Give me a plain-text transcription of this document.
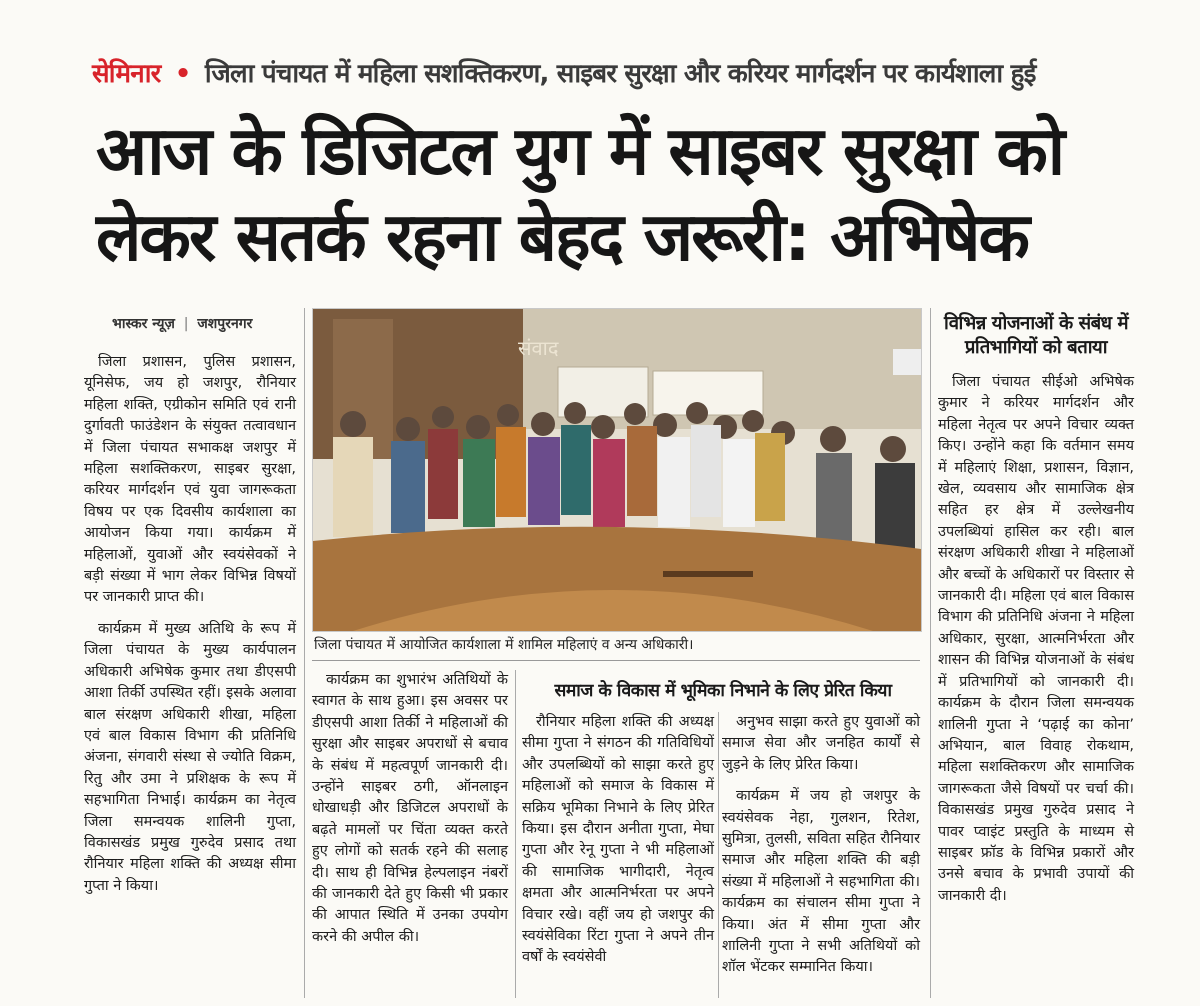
सेमिनार • जिला पंचायत में महिला सशक्तिकरण, साइबर सुरक्षा और करियर मार्गदर्शन पर कार्यशाला हुई
आज के डिजिटल युग में साइबर सुरक्षा को लेकर सतर्क रहना बेहद जरूरी: अभिषेक
भास्कर न्यूज़ | जशपुरनगर

जिला प्रशासन, पुलिस प्रशासन, यूनिसेफ, जय हो जशपुर, रौनियार महिला शक्ति, एग्रीकोन समिति एवं रानी दुर्गावती फाउंडेशन के संयुक्त तत्वावधान में जिला पंचायत सभाकक्ष जशपुर में महिला सशक्तिकरण, साइबर सुरक्षा, करियर मार्गदर्शन एवं युवा जागरूकता विषय पर एक दिवसीय कार्यशाला का आयोजन किया गया। कार्यक्रम में महिलाओं, युवाओं और स्वयंसेवकों ने बड़ी संख्या में भाग लेकर विभिन्न विषयों पर जानकारी प्राप्त की।

कार्यक्रम में मुख्य अतिथि के रूप में जिला पंचायत के मुख्य कार्यपालन अधिकारी अभिषेक कुमार तथा डीएसपी आशा तिर्की उपस्थित रहीं। इसके अलावा बाल संरक्षण अधिकारी शीखा, महिला एवं बाल विकास विभाग की प्रतिनिधि अंजना, संगवारी संस्था से ज्योति विक्रम, रितु और उमा ने प्रशिक्षक के रूप में सहभागिता निभाई। कार्यक्रम का नेतृत्व जिला समन्वयक शालिनी गुप्ता, विकासखंड प्रमुख गुरुदेव प्रसाद तथा रौनियार महिला शक्ति की अध्यक्ष सीमा गुप्ता ने किया।

संवाद
जिला पंचायत में आयोजित कार्यशाला में शामिल महिलाएं व अन्य अधिकारी।

कार्यक्रम का शुभारंभ अतिथियों के स्वागत के साथ हुआ। इस अवसर पर डीएसपी आशा तिर्की ने महिलाओं की सुरक्षा और साइबर अपराधों से बचाव के संबंध में महत्वपूर्ण जानकारी दी। उन्होंने साइबर ठगी, ऑनलाइन धोखाधड़ी और डिजिटल अपराधों के बढ़ते मामलों पर चिंता व्यक्त करते हुए लोगों को सतर्क रहने की सलाह दी। साथ ही विभिन्न हेल्पलाइन नंबरों की जानकारी देते हुए किसी भी प्रकार की आपात स्थिति में उनका उपयोग करने की अपील की।

समाज के विकास में भूमिका निभाने के लिए प्रेरित किया

रौनियार महिला शक्ति की अध्यक्ष सीमा गुप्ता ने संगठन की गतिविधियों और उपलब्धियों को साझा करते हुए महिलाओं को समाज के विकास में सक्रिय भूमिका निभाने के लिए प्रेरित किया। इस दौरान अनीता गुप्ता, मेघा गुप्ता और रेनू गुप्ता ने भी महिलाओं की सामाजिक भागीदारी, नेतृत्व क्षमता और आत्मनिर्भरता पर अपने विचार रखे। वहीं जय हो जशपुर की स्वयंसेविका रिंटा गुप्ता ने अपने तीन वर्षों के स्वयंसेवी

अनुभव साझा करते हुए युवाओं को समाज सेवा और जनहित कार्यों से जुड़ने के लिए प्रेरित किया।

कार्यक्रम में जय हो जशपुर के स्वयंसेवक नेहा, गुलशन, रितेश, सुमित्रा, तुलसी, सविता सहित रौनियार समाज और महिला शक्ति की बड़ी संख्या में महिलाओं ने सहभागिता की। कार्यक्रम का संचालन सीमा गुप्ता ने किया। अंत में सीमा गुप्ता और शालिनी गुप्ता ने सभी अतिथियों को शॉल भेंटकर सम्मानित किया।

विभिन्न योजनाओं के संबंध में प्रतिभागियों को बताया

जिला पंचायत सीईओ अभिषेक कुमार ने करियर मार्गदर्शन और महिला नेतृत्व पर अपने विचार व्यक्त किए। उन्होंने कहा कि वर्तमान समय में महिलाएं शिक्षा, प्रशासन, विज्ञान, खेल, व्यवसाय और सामाजिक क्षेत्र सहित हर क्षेत्र में उल्लेखनीय उपलब्धियां हासिल कर रही। बाल संरक्षण अधिकारी शीखा ने महिलाओं और बच्चों के अधिकारों पर विस्तार से जानकारी दी। महिला एवं बाल विकास विभाग की प्रतिनिधि अंजना ने महिला अधिकार, सुरक्षा, आत्मनिर्भरता और शासन की विभिन्न योजनाओं के संबंध में प्रतिभागियों को जानकारी दी। कार्यक्रम के दौरान जिला समन्वयक शालिनी गुप्ता ने ‘पढ़ाई का कोना’ अभियान, बाल विवाह रोकथाम, महिला सशक्तिकरण और सामाजिक जागरूकता जैसे विषयों पर चर्चा की। विकासखंड प्रमुख गुरुदेव प्रसाद ने पावर प्वाइंट प्रस्तुति के माध्यम से साइबर फ्रॉड के विभिन्न प्रकारों और उनसे बचाव के प्रभावी उपायों की जानकारी दी।
